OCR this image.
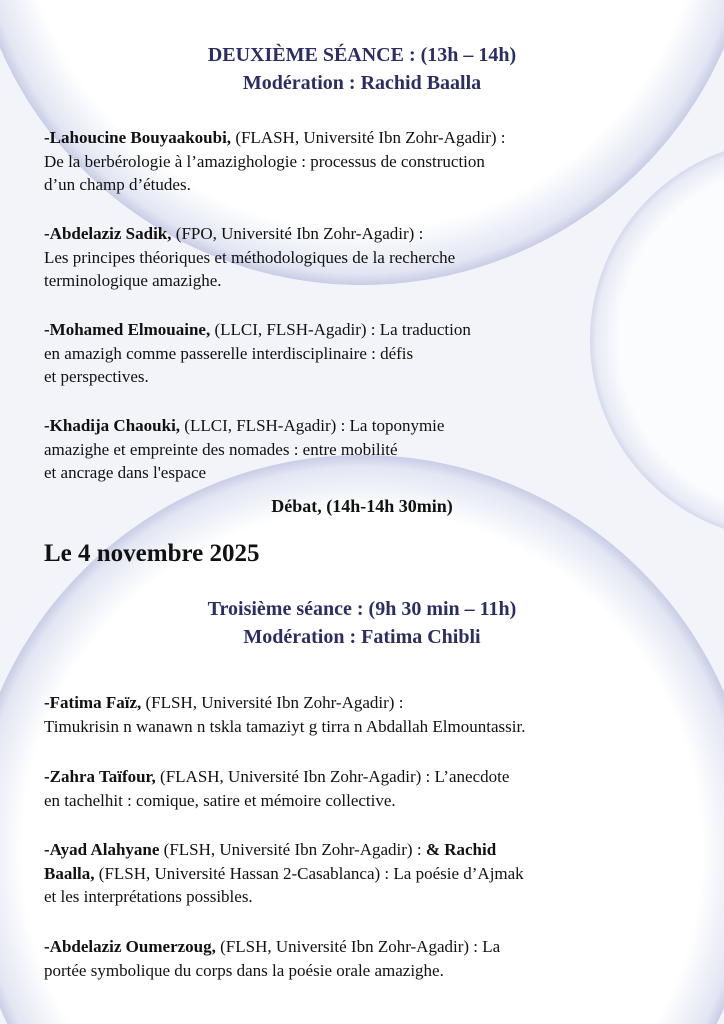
DEUXIÈME SÉANCE : (13h – 14h)

Modération : Rachid Baalla

-Lahoucine Bouyaakoubi, (FLASH, Université Ibn Zohr-Agadir) :
De la berbérologie à l’amazighologie : processus de construction
d’un champ d’études.
-Abdelaziz Sadik, (FPO, Université Ibn Zohr-Agadir) :
Les principes théoriques et méthodologiques de la recherche
terminologique amazighe.
-Mohamed Elmouaine, (LLCI, FLSH-Agadir) : La traduction
en amazigh comme passerelle interdisciplinaire : défis
et perspectives.
-Khadija Chaouki, (LLCI, FLSH-Agadir) : La toponymie
amazighe et empreinte des nomades : entre mobilité
et ancrage dans l'espace

Débat, (14h-14h 30min)

Le 4 novembre 2025

Troisième séance : (9h 30 min – 11h)

Modération : Fatima Chibli

-Fatima Faïz, (FLSH, Université Ibn Zohr-Agadir) :
Timukrisin n wanawn n tskla tamaziyt g tirra n Abdallah Elmountassir.
-Zahra Taïfour, (FLASH, Université Ibn Zohr-Agadir) : L’anecdote
en tachelhit : comique, satire et mémoire collective.
-Ayad Alahyane (FLSH, Université Ibn Zohr-Agadir) : & Rachid
Baalla, (FLSH, Université Hassan 2-Casablanca) : La poésie d’Ajmak
et les interprétations possibles.
-Abdelaziz Oumerzoug, (FLSH, Université Ibn Zohr-Agadir) : La
portée symbolique du corps dans la poésie orale amazighe.
